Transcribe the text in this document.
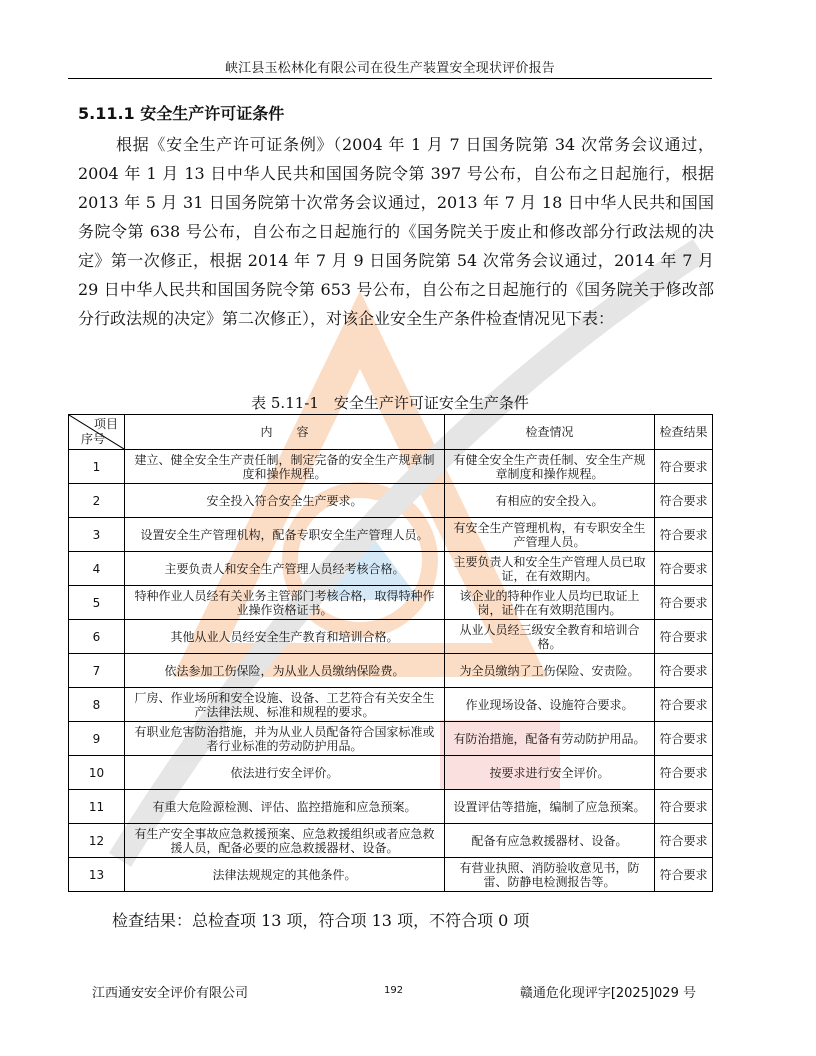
峡江县玉松林化有限公司在役生产装置安全现状评价报告
5.11.1 安全生产许可证条件
根据《安全生产许可证条例》（2004 年 1 月 7 日国务院第 34 次常务会议通过，2004 年 1 月 13 日中华人民共和国国务院令第 397 号公布，自公布之日起施行，根据 2013 年 5 月 31 日国务院第十次常务会议通过，2013 年 7 月 18 日中华人民共和国国务院令第 638 号公布，自公布之日起施行的《国务院关于废止和修改部分行政法规的决定》第一次修正，根据 2014 年 7 月 9 日国务院第 54 次常务会议通过，2014 年 7 月 29 日中华人民共和国国务院令第 653 号公布，自公布之日起施行的《国务院关于修改部分行政法规的决定》第二次修正），对该企业安全生产条件检查情况见下表：
表 5.11-1　安全生产许可证安全生产条件
项目
序号	内　　容	检查情况	检查结果
1	建立、健全安全生产责任制，制定完备的安全生产规章制度和操作规程。	有健全安全生产责任制、安全生产规章制度和操作规程。	符合要求
2	安全投入符合安全生产要求。	有相应的安全投入。	符合要求
3	设置安全生产管理机构，配备专职安全生产管理人员。	有安全生产管理机构，有专职安全生产管理人员。	符合要求
4	主要负责人和安全生产管理人员经考核合格。	主要负责人和安全生产管理人员已取证，在有效期内。	符合要求
5	特种作业人员经有关业务主管部门考核合格，取得特种作业操作资格证书。	该企业的特种作业人员均已取证上岗，证件在有效期范围内。	符合要求
6	其他从业人员经安全生产教育和培训合格。	从业人员经三级安全教育和培训合格。	符合要求
7	依法参加工伤保险，为从业人员缴纳保险费。	为全员缴纳了工伤保险、安责险。	符合要求
8	厂房、作业场所和安全设施、设备、工艺符合有关安全生产法律法规、标准和规程的要求。	作业现场设备、设施符合要求。	符合要求
9	有职业危害防治措施，并为从业人员配备符合国家标准或者行业标准的劳动防护用品。	有防治措施，配备有劳动防护用品。	符合要求
10	依法进行安全评价。	按要求进行安全评价。	符合要求
11	有重大危险源检测、评估、监控措施和应急预案。	设置评估等措施，编制了应急预案。	符合要求
12	有生产安全事故应急救援预案、应急救援组织或者应急救援人员，配备必要的应急救援器材、设备。	配备有应急救援器材、设备。	符合要求
13	法律法规规定的其他条件。	有营业执照、消防验收意见书，防雷、防静电检测报告等。	符合要求
检查结果：总检查项 13 项，符合项 13 项，不符合项 0 项
江西通安安全评价有限公司	192	赣通危化现评字[2025]029 号
